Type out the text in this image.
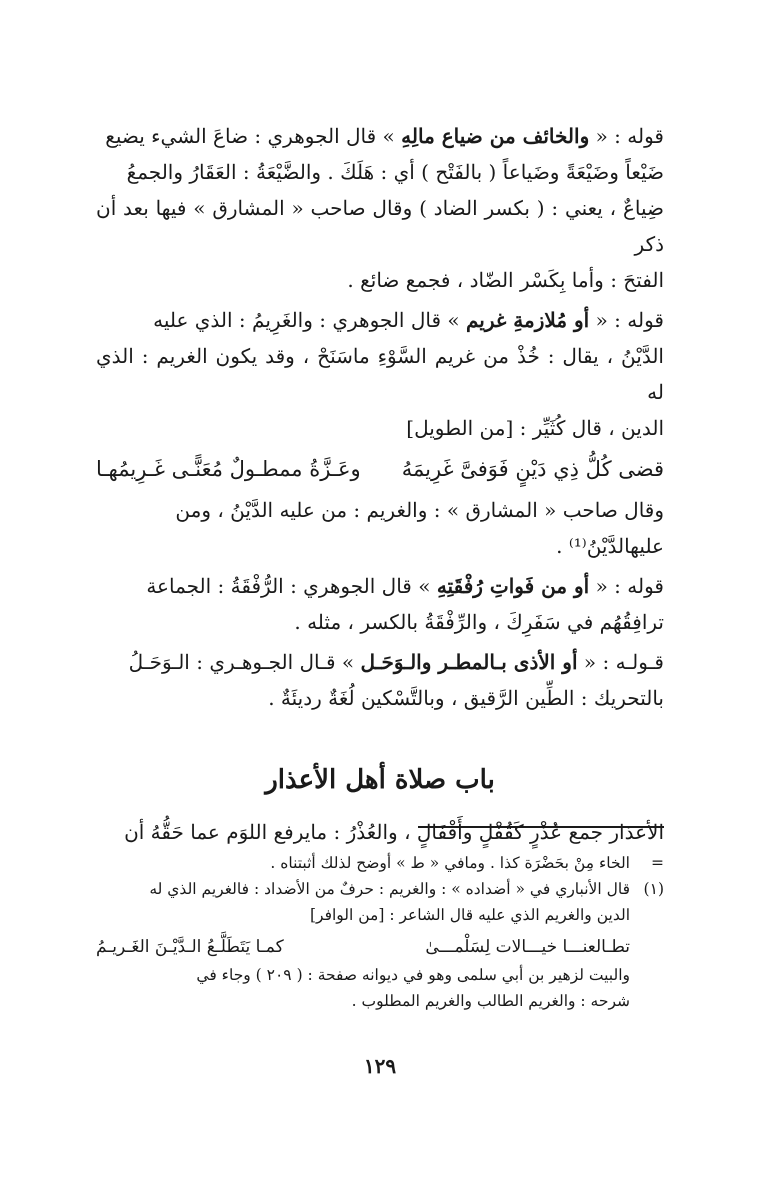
قوله : « والخائف من ضياع مالِهِ » قال الجوهري : ضاعَ الشيء يضيع

ضَيْعاً وضَيْعَةً وضَياعاً ( بالفَتْح ) أي : هَلَكَ . والضَّيْعَةُ : العَقَارُ والجمعُ

ضِياعٌ ، يعني : ( بكسر الضاد ) وقال صاحب « المشارق » فيها بعد أن ذكر

الفتحَ : وأما بِكَسْر الضّاد ، فجمع ضائع .

قوله : « أو مُلازمةِ غريم » قال الجوهري : والغَرِيمُ : الذي عليه

الدَّيْنُ ، يقال : خُذْ من غريم السَّوْءِ ماسَنَحْ ، وقد يكون الغريم : الذي له

الدين ، قال كُثَيِّر : [من الطويل]

قضى كُلُّ ذِي دَيْنٍ فَوَفىَّ غَرِيمَهُ
وعَـزَّةُ ممطـولٌ مُعَنًّـى غَـرِيمُهـا

وقال صاحب « المشارق » : والغريم : من عليه الدَّيْنُ ، ومن

عليهالدَّيْنُ⁽¹⁾ .

قوله : « أو من فَواتِ رُفْقَتِهِ » قال الجوهري : الرُّفْقَةُ : الجماعة

ترافِقُهُم في سَفَرِكَ ، والرِّفْقَةُ بالكسر ، مثله .

قـولـه : « أو الأذى بـالمطـر والـوَحَـل » قـال الجـوهـري : الـوَحَـلُ

بالتحريك : الطِّين الرَّقيق ، وبالتَّسْكين لُغَةٌ رديئَةٌ .

باب صلاة أهل الأعذار

الأعذار جمع عُذْرٍ كَقُفْلٍ وأَقْفَالٍ ، والعُذْرُ : مايرفع اللوَم عما حَقُّهُ أن

=

الخاء مِنْ بحَضْرَة كذا . ومافي « ط » أوضح لذلك أثبتناه .

(١)

قال الأنباري في « أضداده » : والغريم : حرفٌ من الأضداد : فالغريم الذي له

الدين والغريم الذي عليه قال الشاعر : [من الوافر]

تطـالعنـــا خيـــالات لِسَلْمـــىٰ
كمـا يَتَطَلَّـعُ الـدَّيْـنَ الغَـريـمُ

والبيت لزهير بن أبي سلمى وهو في ديوانه صفحة : ( ٢٠٩ ) وجاء في

شرحه : والغريم الطالب والغريم المطلوب .

١٢٩
